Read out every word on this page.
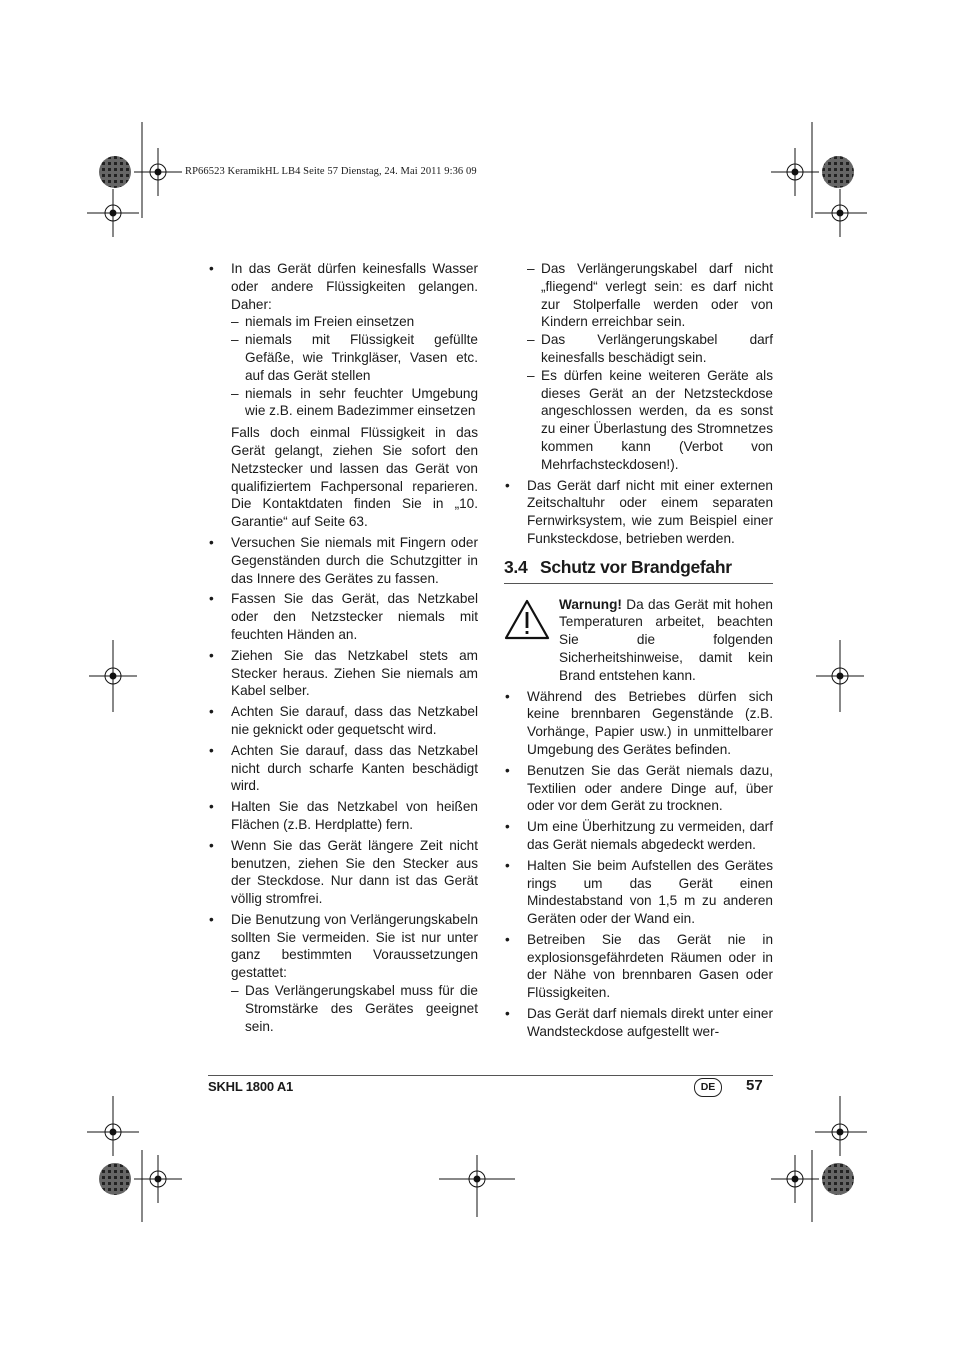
RP66523 KeramikHL LB4 Seite 57 Dienstag, 24. Mai 2011 9:36 09
• In das Gerät dürfen keinesfalls Wasser oder andere Flüssigkeiten gelangen. Daher:
– niemals im Freien einsetzen
– niemals mit Flüssigkeit gefüllte Gefäße, wie Trinkgläser, Vasen etc. auf das Gerät stellen
– niemals in sehr feuchter Umgebung wie z.B. einem Badezimmer einsetzen
Falls doch einmal Flüssigkeit in das Gerät gelangt, ziehen Sie sofort den Netzstecker und lassen das Gerät von qualifiziertem Fachpersonal reparieren. Die Kontaktdaten finden Sie in „10. Garantie“ auf Seite 63.
• Versuchen Sie niemals mit Fingern oder Gegenständen durch die Schutzgitter in das Innere des Gerätes zu fassen.
• Fassen Sie das Gerät, das Netzkabel oder den Netzstecker niemals mit feuchten Händen an.
• Ziehen Sie das Netzkabel stets am Stecker heraus. Ziehen Sie niemals am Kabel selber.
• Achten Sie darauf, dass das Netzkabel nie geknickt oder gequetscht wird.
• Achten Sie darauf, dass das Netzkabel nicht durch scharfe Kanten beschädigt wird.
• Halten Sie das Netzkabel von heißen Flächen (z.B. Herdplatte) fern.
• Wenn Sie das Gerät längere Zeit nicht benutzen, ziehen Sie den Stecker aus der Steckdose. Nur dann ist das Gerät völlig stromfrei.
• Die Benutzung von Verlängerungskabeln sollten Sie vermeiden. Sie ist nur unter ganz bestimmten Voraussetzungen gestattet:
– Das Verlängerungskabel muss für die Stromstärke des Gerätes geeignet sein.
– Das Verlängerungskabel darf nicht „fliegend“ verlegt sein: es darf nicht zur Stolperfalle werden oder von Kindern erreichbar sein.
– Das Verlängerungskabel darf keinesfalls beschädigt sein.
– Es dürfen keine weiteren Geräte als dieses Gerät an der Netzsteckdose angeschlossen werden, da es sonst zu einer Überlastung des Stromnetzes kommen kann (Verbot von Mehrfachsteckdosen!).
• Das Gerät darf nicht mit einer externen Zeitschaltuhr oder einem separaten Fernwirksystem, wie zum Beispiel einer Funksteckdose, betrieben werden.
3.4 Schutz vor Brandgefahr
Warnung! Da das Gerät mit hohen Temperaturen arbeitet, beachten Sie die folgenden Sicherheitshinweise, damit kein Brand entstehen kann.
• Während des Betriebes dürfen sich keine brennbaren Gegenstände (z.B. Vorhänge, Papier usw.) in unmittelbarer Umgebung des Gerätes befinden.
• Benutzen Sie das Gerät niemals dazu, Textilien oder andere Dinge auf, über oder vor dem Gerät zu trocknen.
• Um eine Überhitzung zu vermeiden, darf das Gerät niemals abgedeckt werden.
• Halten Sie beim Aufstellen des Gerätes rings um das Gerät einen Mindestabstand von 1,5 m zu anderen Geräten oder der Wand ein.
• Betreiben Sie das Gerät nie in explosionsgefährdeten Räumen oder in der Nähe von brennbaren Gasen oder Flüssigkeiten.
• Das Gerät darf niemals direkt unter einer Wandsteckdose aufgestellt wer-
SKHL 1800 A1	DE	57
